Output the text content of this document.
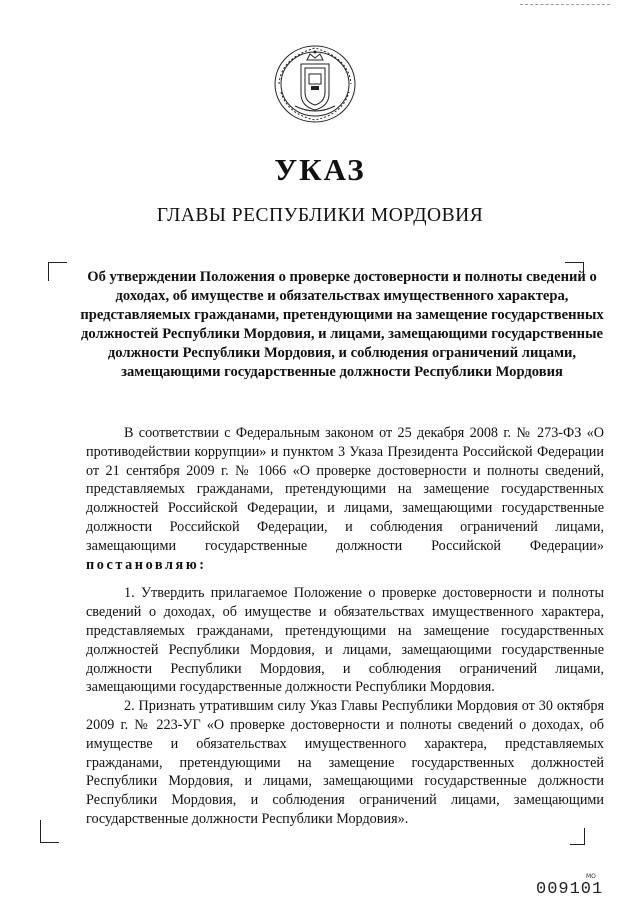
УКАЗ
ГЛАВЫ РЕСПУБЛИКИ МОРДОВИЯ
Об утверждении Положения о проверке достоверности и полноты сведений о доходах, об имуществе и обязательствах имущественного характера, представляемых гражданами, претендующими на замещение государственных должностей Республики Мордовия, и лицами, замещающими государственные должности Республики Мордовия, и соблюдения ограничений лицами, замещающими государственные должности Республики Мордовия

В соответствии с Федеральным законом от 25 декабря 2008 г. № 273-ФЗ «О противодействии коррупции» и пунктом 3 Указа Президента Российской Федерации от 21 сентября 2009 г. № 1066 «О проверке достоверности и полноты сведений, представляемых гражданами, претендующими на замещение государственных должностей Российской Федерации, и лицами, замещающими государственные должности Российской Федерации, и соблюдения ограничений лицами, замещающими государственные должности Российской Федерации» постановляю:

1. Утвердить прилагаемое Положение о проверке достоверности и полноты сведений о доходах, об имуществе и обязательствах имущественного характера, представляемых гражданами, претендующими на замещение государственных должностей Республики Мордовия, и лицами, замещающими государственные должности Республики Мордовия, и соблюдения ограничений лицами, замещающими государственные должности Республики Мордовия.

2. Признать утратившим силу Указ Главы Республики Мордовия от 30 октября 2009 г. № 223-УГ «О проверке достоверности и полноты сведений о доходах, об имуществе и обязательствах имущественного характера, представляемых гражданами, претендующими на замещение государственных должностей Республики Мордовия, и лицами, замещающими государственные должности Республики Мордовия, и соблюдения ограничений лицами, замещающими государственные должности Республики Мордовия».

МО
009101
